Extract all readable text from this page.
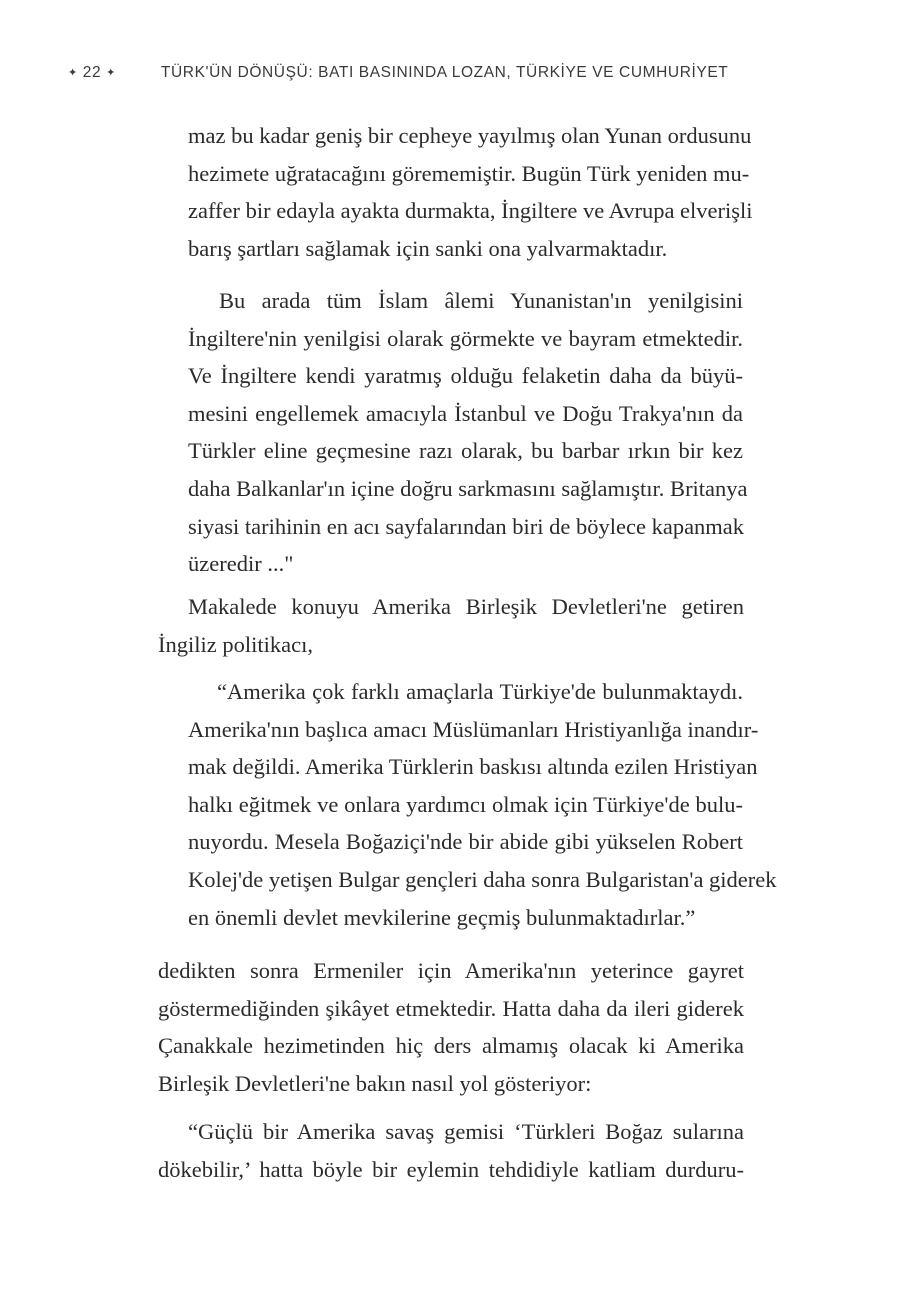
✦ 22 ✦	TÜRK'ÜN DÖNÜŞÜ: BATI BASININDA LOZAN, TÜRKİYE VE CUMHURİYET
maz bu kadar geniş bir cepheye yayılmış olan Yunan ordusunu
hezimete uğratacağını görememiştir. Bugün Türk yeniden mu-
zaffer bir edayla ayakta durmakta, İngiltere ve Avrupa elverişli
barış şartları sağlamak için sanki ona yalvarmaktadır.
Bu arada tüm İslam âlemi Yunanistan'ın yenilgisini
İngiltere'nin yenilgisi olarak görmekte ve bayram etmektedir.
Ve İngiltere kendi yaratmış olduğu felaketin daha da büyü-
mesini engellemek amacıyla İstanbul ve Doğu Trakya'nın da
Türkler eline geçmesine razı olarak, bu barbar ırkın bir kez
daha Balkanlar'ın içine doğru sarkmasını sağlamıştır. Britanya
siyasi tarihinin en acı sayfalarından biri de böylece kapanmak
üzeredir ..."
Makalede konuyu Amerika Birleşik Devletleri'ne getiren
İngiliz politikacı,
“Amerika çok farklı amaçlarla Türkiye'de bulunmaktaydı.
Amerika'nın başlıca amacı Müslümanları Hristiyanlığa inandır-
mak değildi. Amerika Türklerin baskısı altında ezilen Hristiyan
halkı eğitmek ve onlara yardımcı olmak için Türkiye'de bulu-
nuyordu. Mesela Boğaziçi'nde bir abide gibi yükselen Robert
Kolej'de yetişen Bulgar gençleri daha sonra Bulgaristan'a giderek
en önemli devlet mevkilerine geçmiş bulunmaktadırlar.”
dedikten sonra Ermeniler için Amerika'nın yeterince gayret
göstermediğinden şikâyet etmektedir. Hatta daha da ileri giderek
Çanakkale hezimetinden hiç ders almamış olacak ki Amerika
Birleşik Devletleri'ne bakın nasıl yol gösteriyor:
“Güçlü bir Amerika savaş gemisi ‘Türkleri Boğaz sularına
dökebilir,’ hatta böyle bir eylemin tehdidiyle katliam durduru-
